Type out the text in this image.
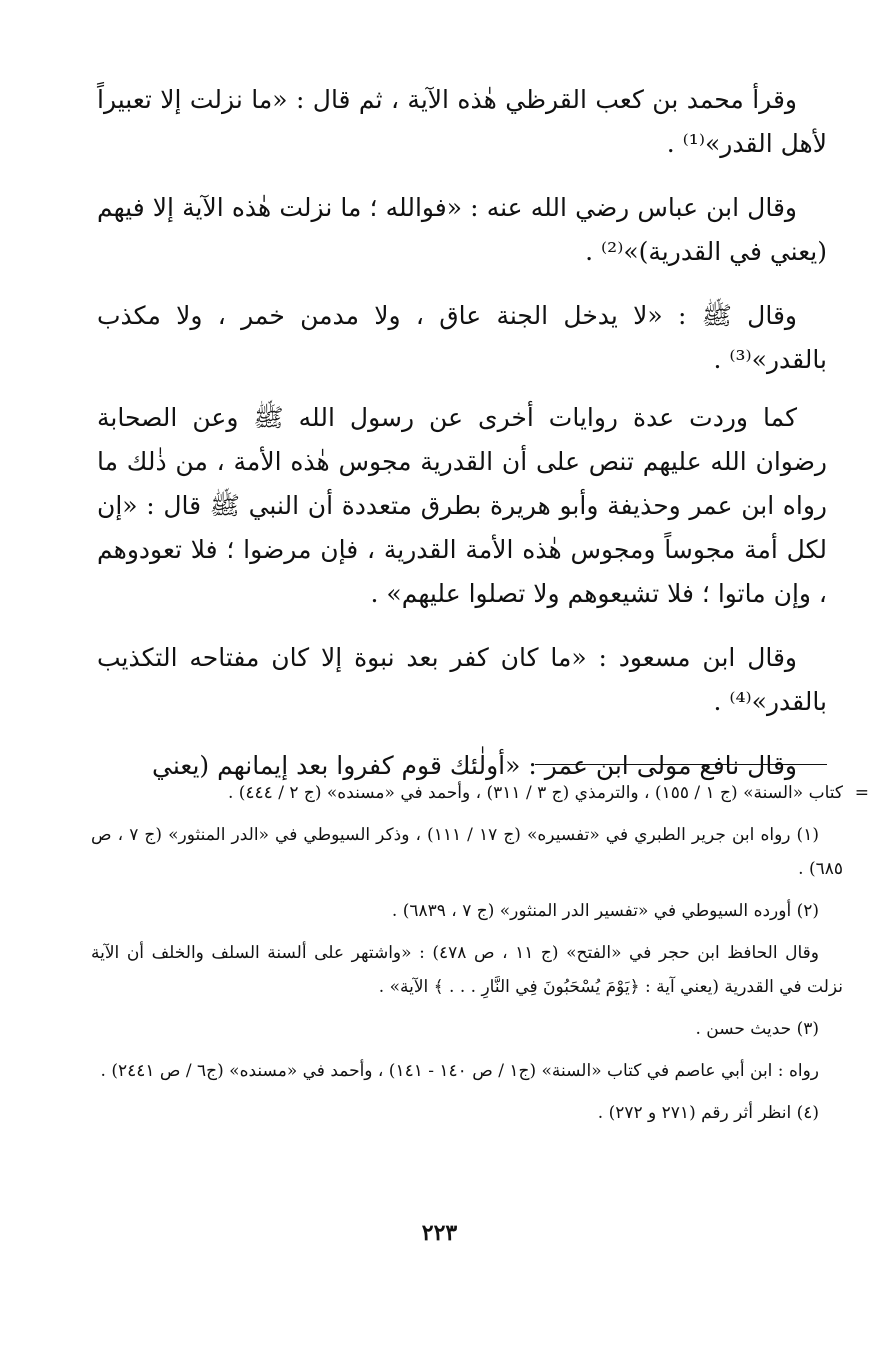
وقرأ محمد بن كعب القرظي هٰذه الآية ، ثم قال : «ما نزلت إلا تعبيراً لأهل القدر»⁽¹⁾ .

وقال ابن عباس رضي الله عنه : «فوالله ؛ ما نزلت هٰذه الآية إلا فيهم (يعني في القدرية)»⁽²⁾ .

وقال ﷺ : «لا يدخل الجنة عاق ، ولا مدمن خمر ، ولا مكذب بالقدر»⁽³⁾ .

كما وردت عدة روايات أخرى عن رسول الله ﷺ وعن الصحابة رضوان الله عليهم تنص على أن القدرية مجوس هٰذه الأمة ، من ذٰلك ما رواه ابن عمر وحذيفة وأبو هريرة بطرق متعددة أن النبي ﷺ قال : «إن لكل أمة مجوساً ومجوس هٰذه الأمة القدرية ، فإن مرضوا ؛ فلا تعودوهم ، وإن ماتوا ؛ فلا تشيعوهم ولا تصلوا عليهم» .

وقال ابن مسعود : «ما كان كفر بعد نبوة إلا كان مفتاحه التكذيب بالقدر»⁽⁴⁾ .

وقال نافع مولى ابن عمر : «أولٰئك قوم كفروا بعد إيمانهم (يعني

=
كتاب «السنة» (ج ١ / ١٥٥) ، والترمذي (ج ٣ / ٣١١) ، وأحمد في «مسنده» (ج ٢ / ٤٤٤) .

(١) رواه ابن جرير الطبري في «تفسيره» (ج ١٧ / ١١١) ، وذكر السيوطي في «الدر المنثور» (ج ٧ ، ص ٦٨٥) .

(٢) أورده السيوطي في «تفسير الدر المنثور» (ج ٧ ، ٦٨٣٩) .

وقال الحافظ ابن حجر في «الفتح» (ج ١١ ، ص ٤٧٨) : «واشتهر على ألسنة السلف والخلف أن الآية نزلت في القدرية (يعني آية : ﴿يَوْمَ يُسْحَبُونَ فِي النَّارِ . . . ﴾ الآية» .

(٣) حديث حسن .

رواه : ابن أبي عاصم في كتاب «السنة» (ج١ / ص ١٤٠ - ١٤١) ، وأحمد في «مسنده» (ج٦ / ص ٢٤٤١) .

(٤) انظر أثر رقم (٢٧١ و ٢٧٢) .

٢٢٣
